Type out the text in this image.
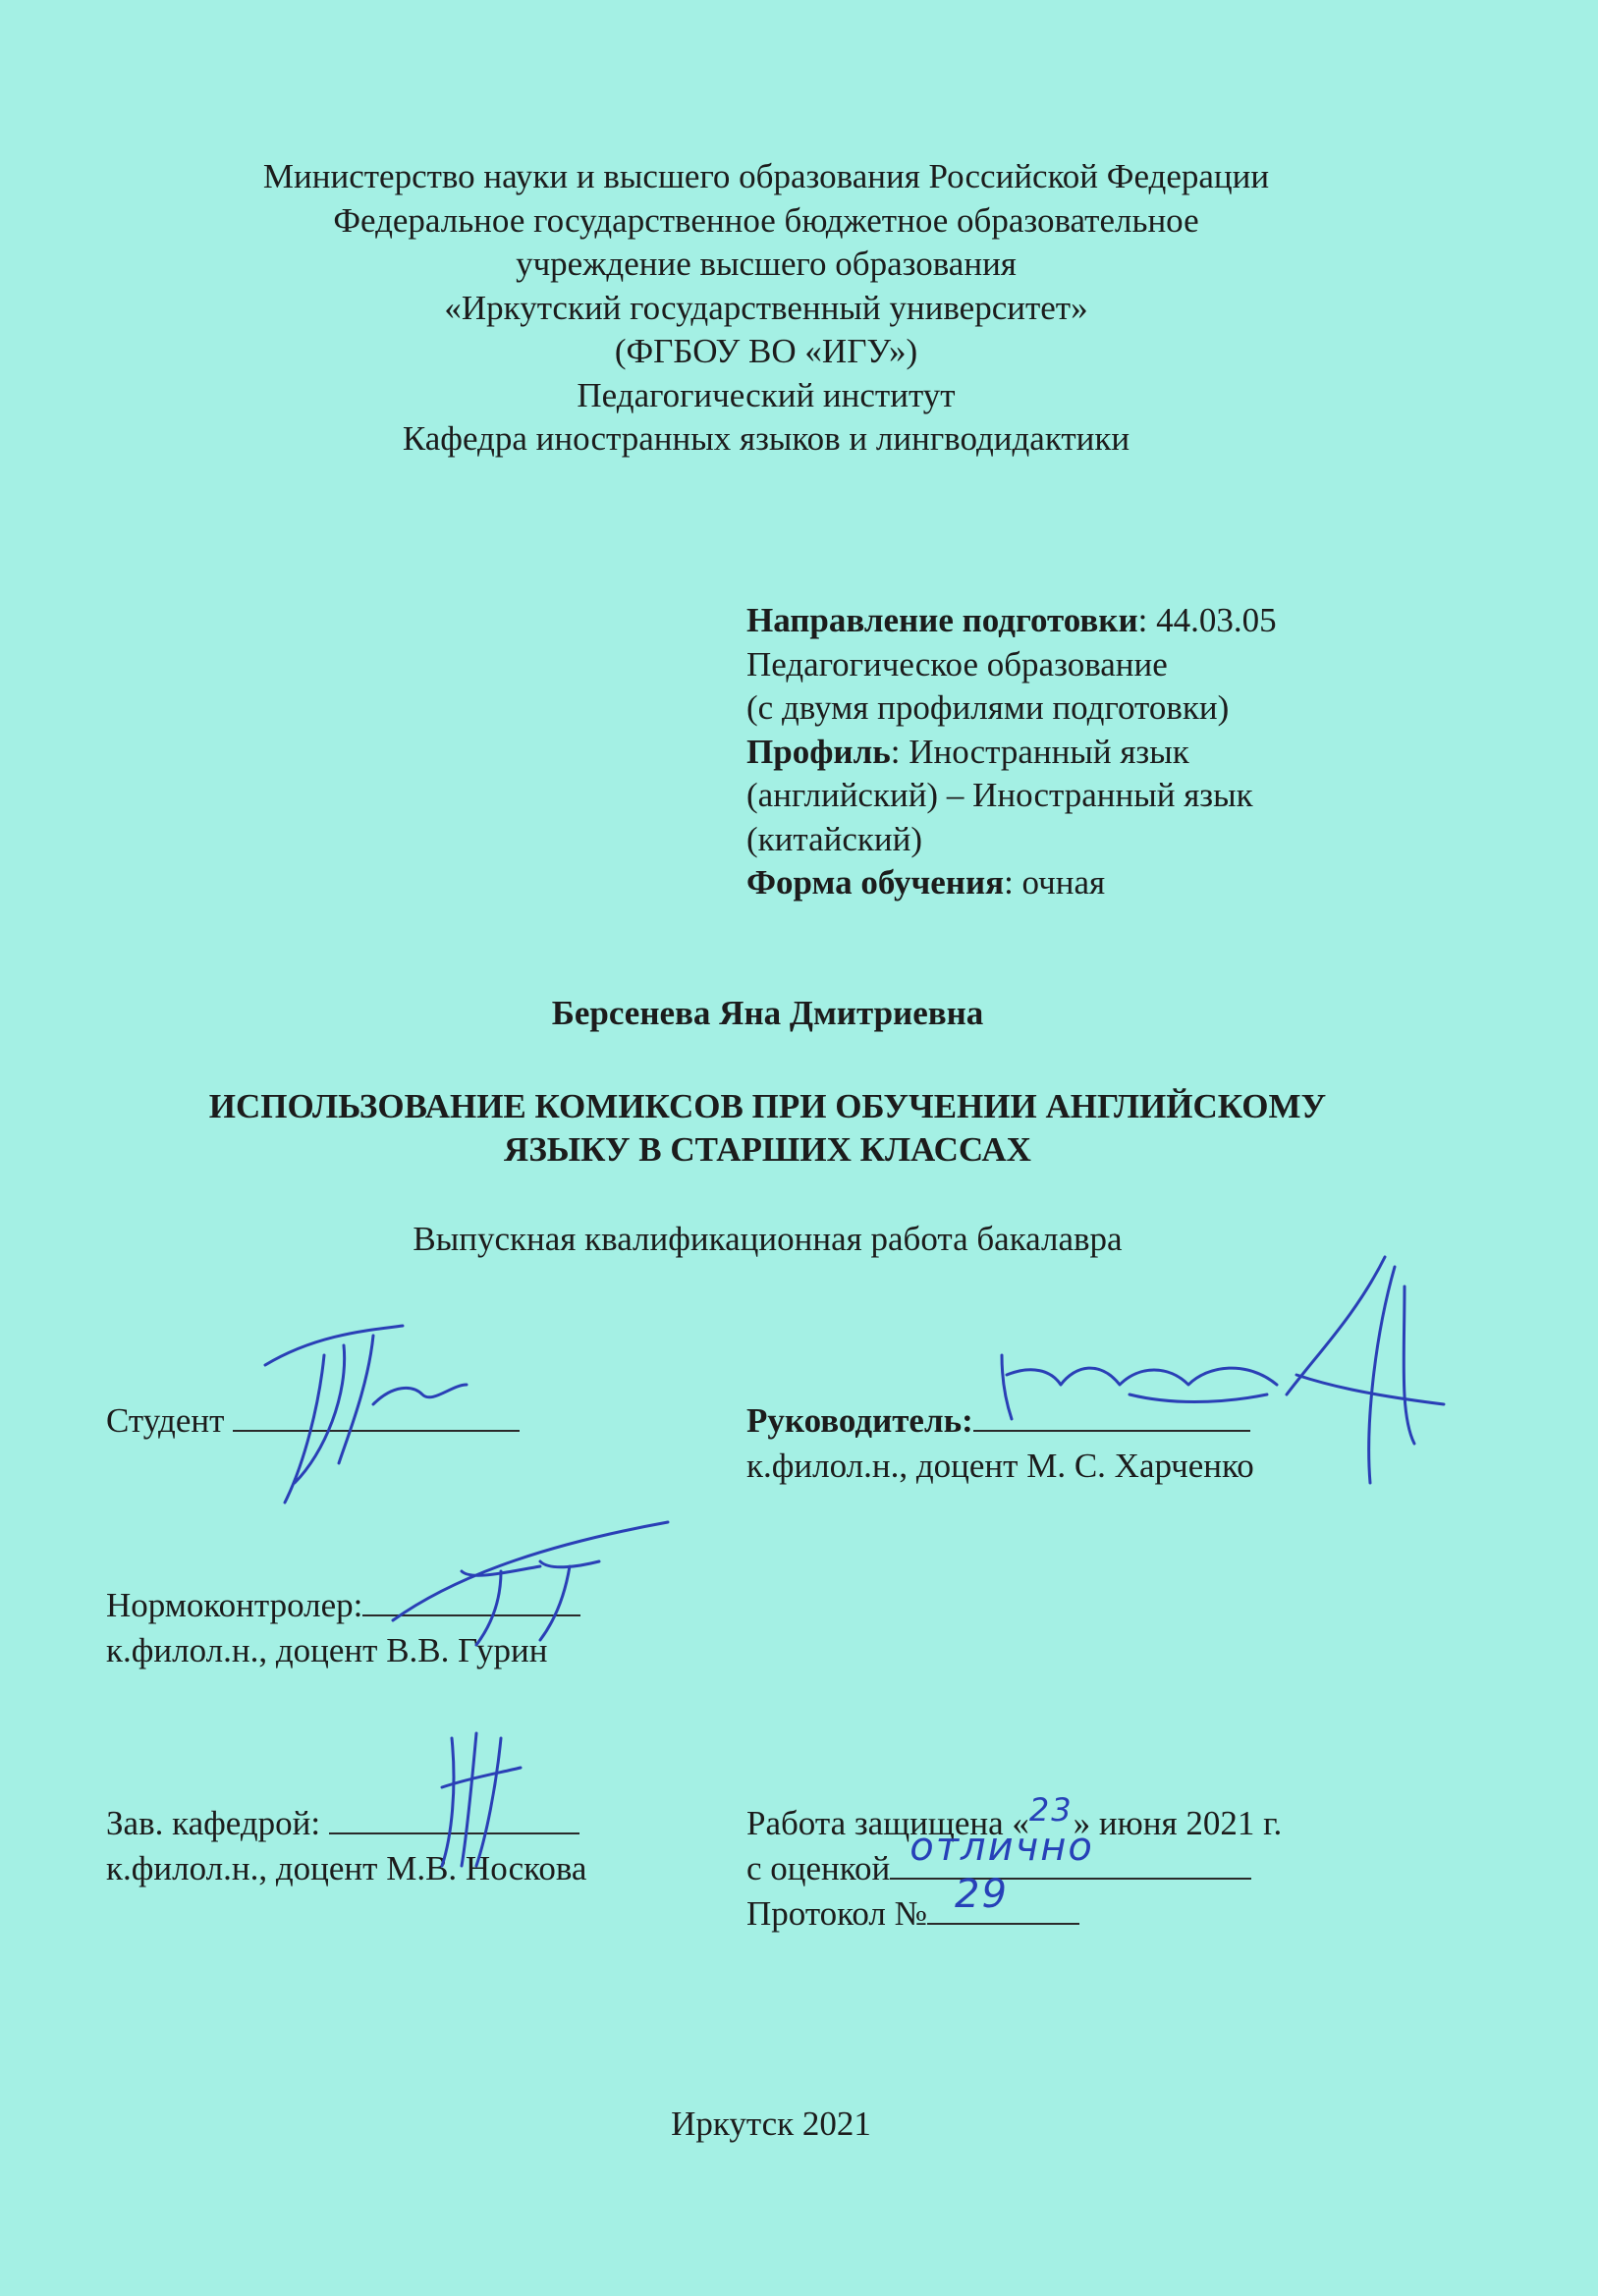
Министерство науки и высшего образования Российской Федерации
Федеральное государственное бюджетное образовательное
учреждение высшего образования
«Иркутский государственный университет»
(ФГБОУ ВО «ИГУ»)
Педагогический институт
Кафедра иностранных языков и лингводидактики
Направление подготовки: 44.03.05
Педагогическое образование
(с двумя профилями подготовки)
Профиль: Иностранный язык
(английский) – Иностранный язык
(китайский)
Форма обучения: очная
Берсенева Яна Дмитриевна
ИСПОЛЬЗОВАНИЕ КОМИКСОВ ПРИ ОБУЧЕНИИ АНГЛИЙСКОМУ
ЯЗЫКУ В СТАРШИХ КЛАССАХ
Выпускная квалификационная работа бакалавра
Студент	Руководитель:
к.филол.н., доцент М. С. Харченко
Нормоконтролер:
к.филол.н., доцент В.В. Гурин
Зав. кафедрой:
к.филол.н., доцент М.В. Носкова
Работа защищена «23» июня 2021 г.
с оценкой отлично
Протокол № 29
Иркутск 2021
